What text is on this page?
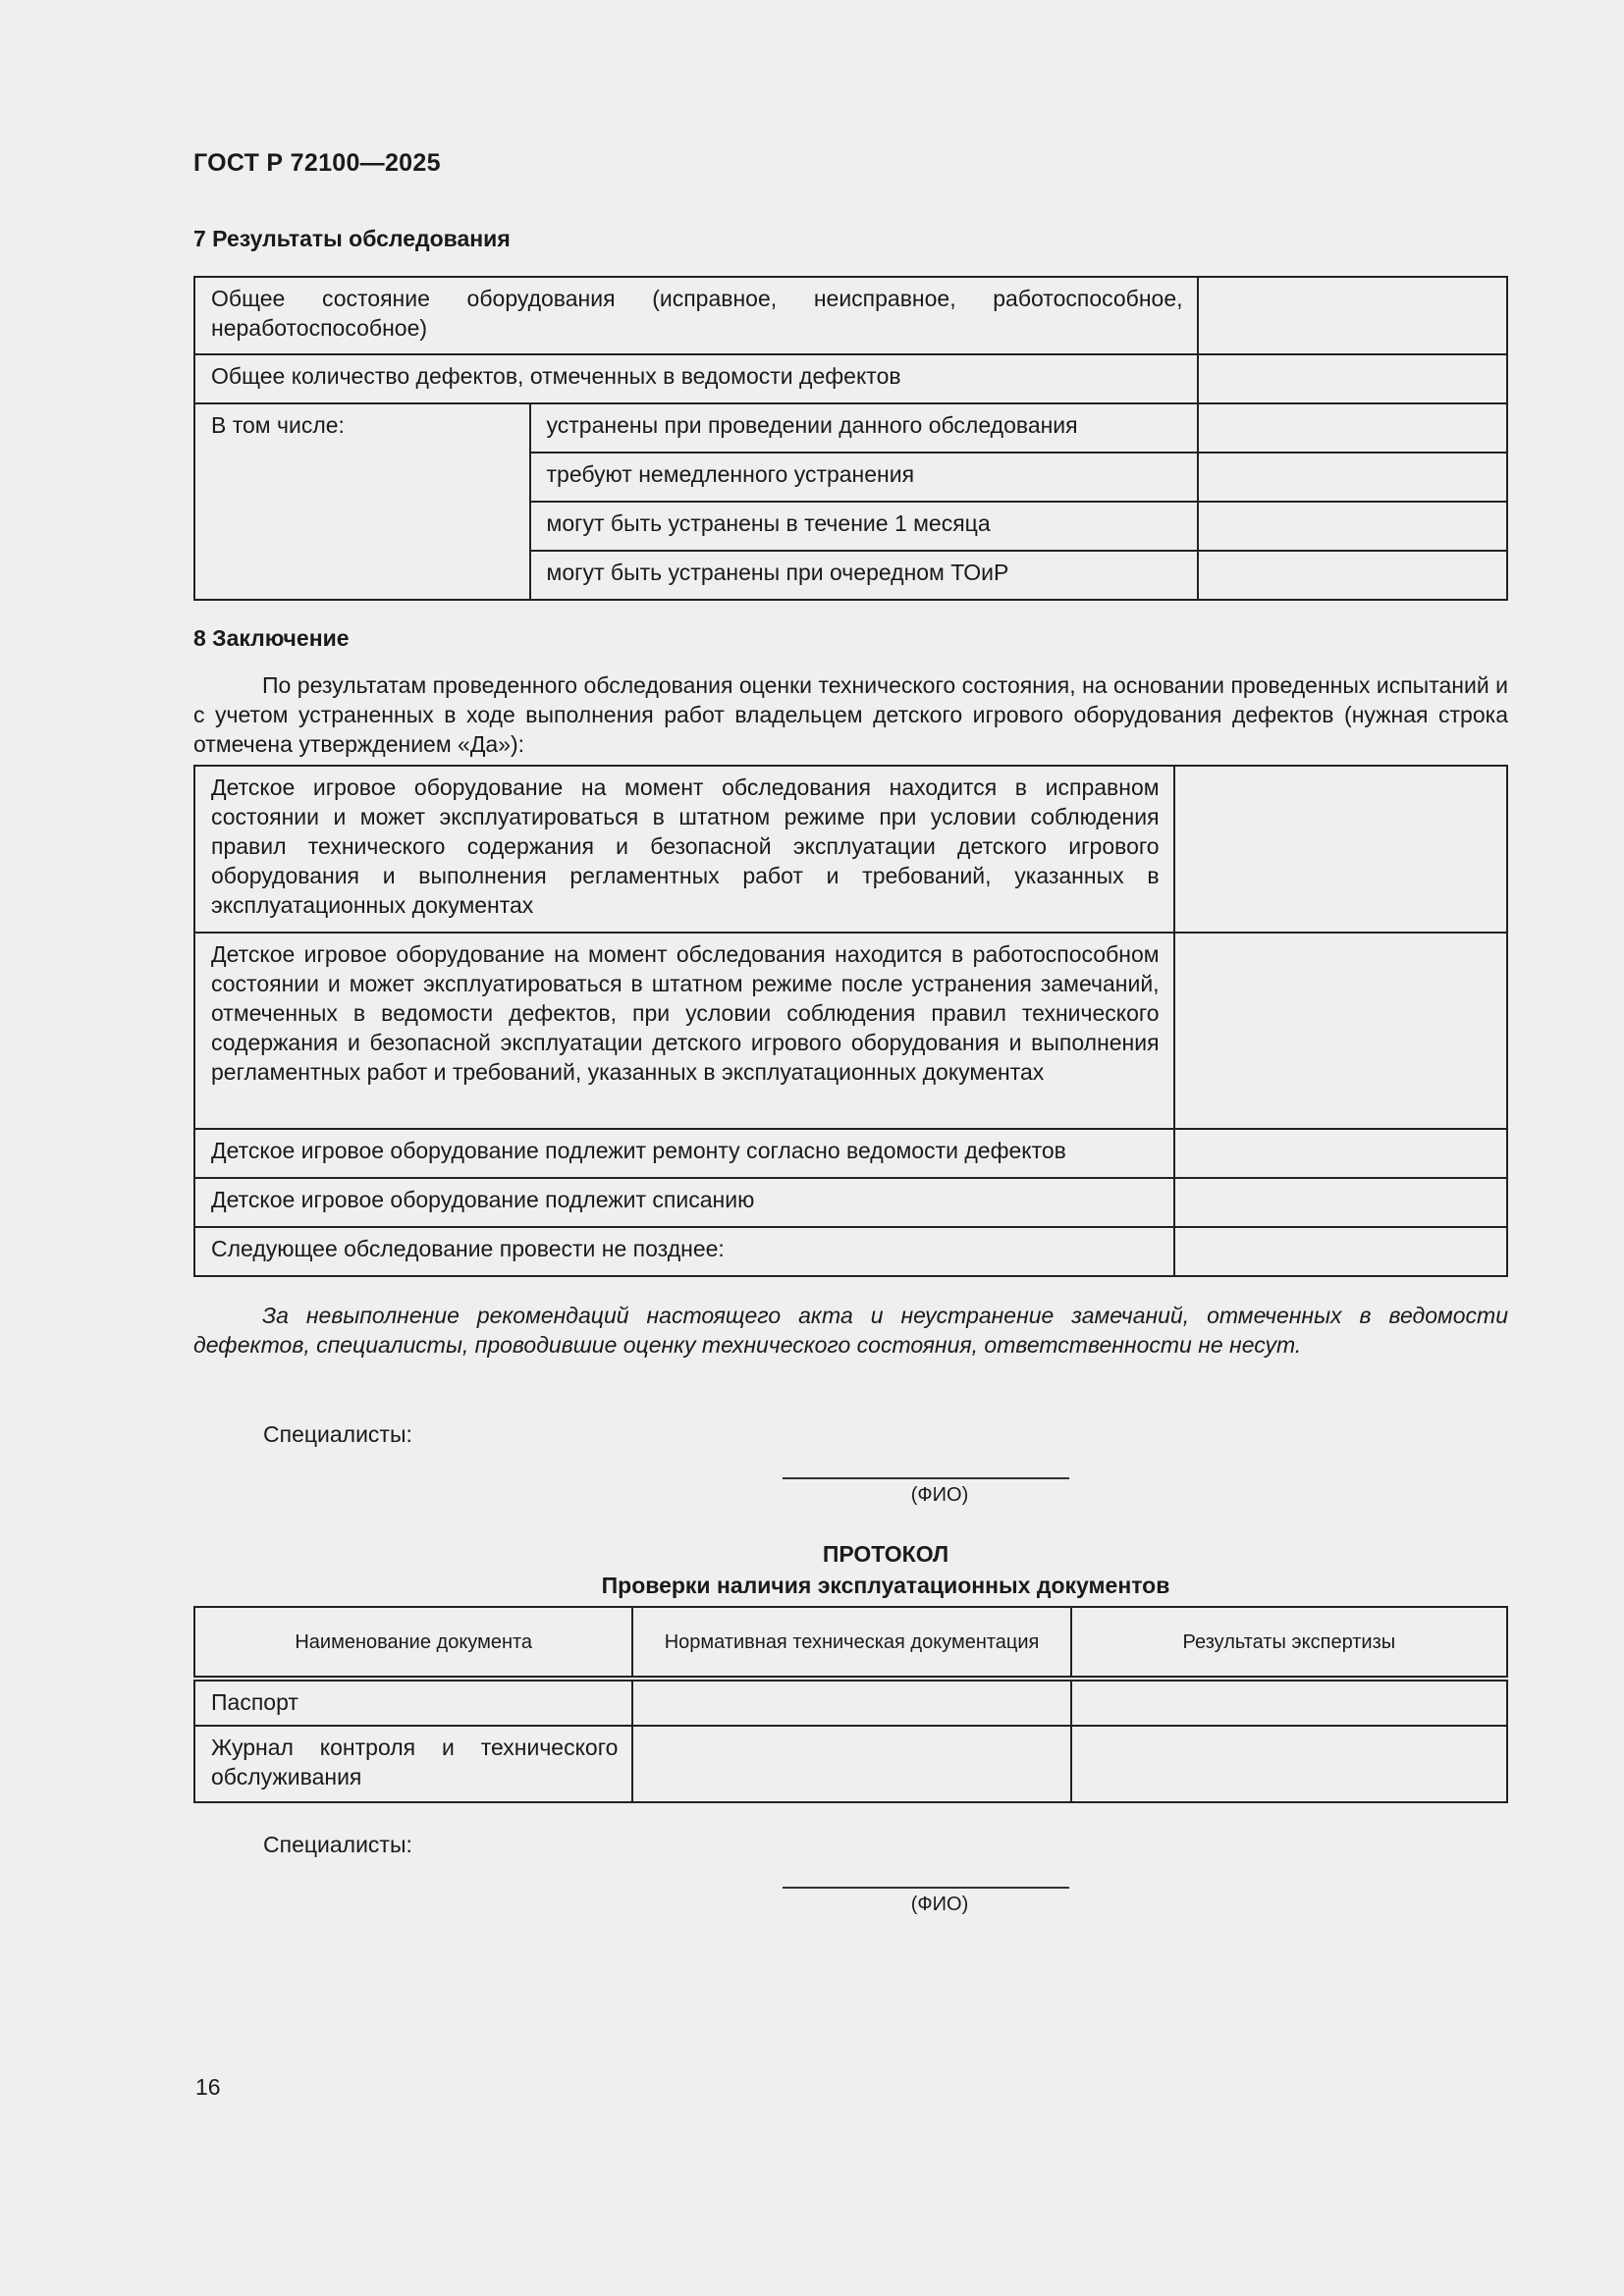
ГОСТ Р 72100—2025
7 Результаты обследования
Общее состояние оборудования (исправное, неисправное, работоспособное, неработоспособное)		
Общее количество дефектов, отмеченных в ведомости дефектов		
В том числе:	устранены при проведении данного обследования	
	требуют немедленного устранения	
	могут быть устранены в течение 1 месяца	
	могут быть устранены при очередном ТОиР	
8 Заключение
По результатам проведенного обследования оценки технического состояния, на основании проведенных испытаний и с учетом устраненных в ходе выполнения работ владельцем детского игрового оборудования дефектов (нужная строка отмечена утверждением «Да»):
Детское игровое оборудование на момент обследования находится в исправном состоянии и может эксплуатироваться в штатном режиме при условии соблюдения правил технического содержания и безопасной эксплуатации детского игрового оборудования и выполнения регламентных работ и требований, указанных в эксплуатационных документах	
Детское игровое оборудование на момент обследования находится в работоспособном состоянии и может эксплуатироваться в штатном режиме после устранения замечаний, отмеченных в ведомости дефектов, при условии соблюдения правил технического содержания и безопасной эксплуатации детского игрового оборудования и выполнения регламентных работ и требований, указанных в эксплуатационных документах	
Детское игровое оборудование подлежит ремонту согласно ведомости дефектов	
Детское игровое оборудование подлежит списанию	
Следующее обследование провести не позднее:	
За невыполнение рекомендаций настоящего акта и неустранение замечаний, отмеченных в ведомости дефектов, специалисты, проводившие оценку технического состояния, ответственности не несут.
Специалисты:
(ФИО)
ПРОТОКОЛ
Проверки наличия эксплуатационных документов
Наименование документа	Нормативная техническая документация	Результаты экспертизы
Паспорт		
Журнал контроля и технического обслуживания		
Специалисты:
(ФИО)
16
